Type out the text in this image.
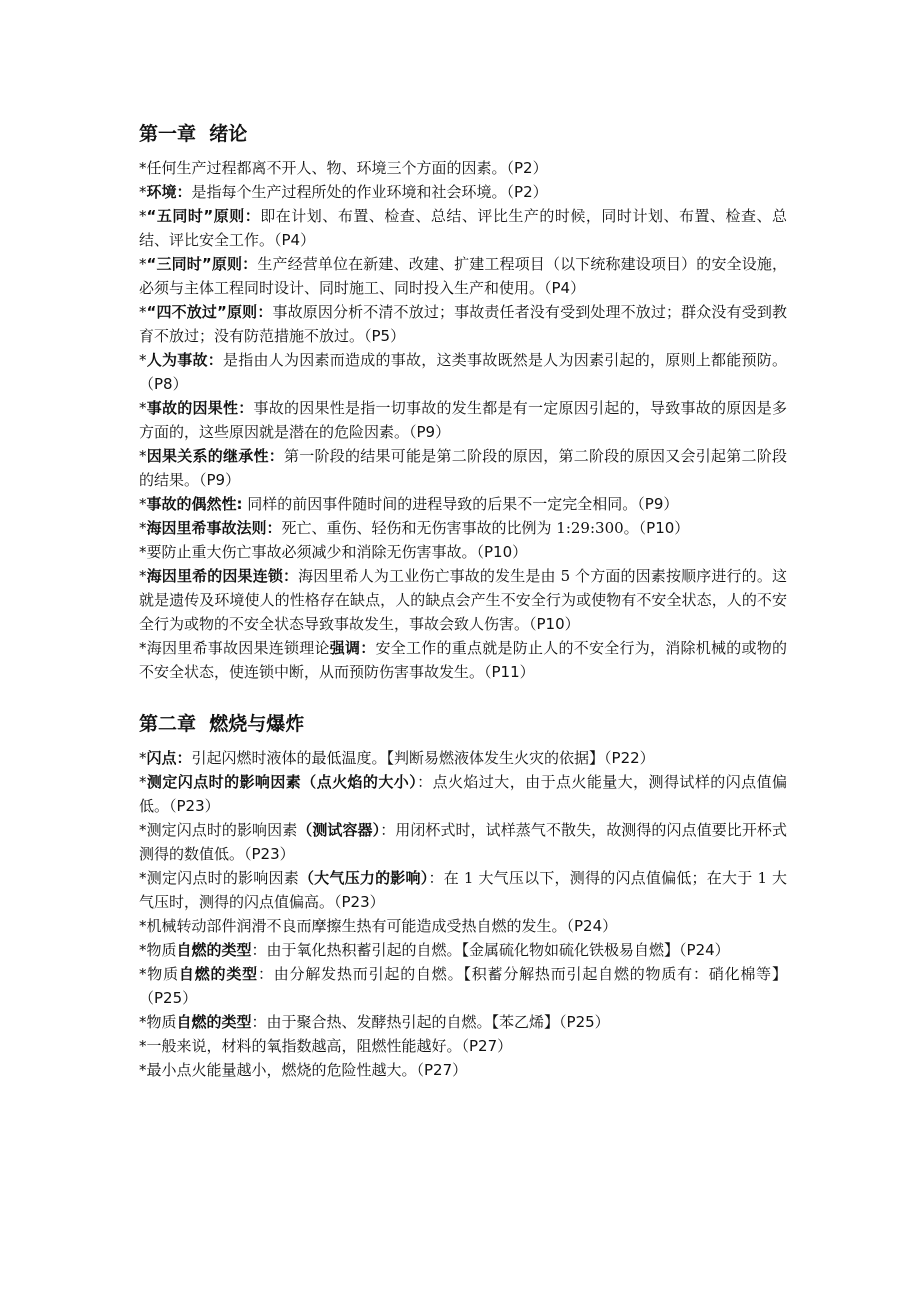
第一章  绪论

*任何生产过程都离不开人、物、环境三个方面的因素。（P2）

*环境：是指每个生产过程所处的作业环境和社会环境。（P2）

*“五同时”原则：即在计划、布置、检查、总结、评比生产的时候，同时计划、布置、检查、总结、评比安全工作。（P4）

*“三同时”原则：生产经营单位在新建、改建、扩建工程项目（以下统称建设项目）的安全设施，必须与主体工程同时设计、同时施工、同时投入生产和使用。（P4）

*“四不放过”原则：事故原因分析不清不放过；事故责任者没有受到处理不放过；群众没有受到教育不放过；没有防范措施不放过。（P5）

*人为事故：是指由人为因素而造成的事故，这类事故既然是人为因素引起的，原则上都能预防。（P8）

*事故的因果性：事故的因果性是指一切事故的发生都是有一定原因引起的，导致事故的原因是多方面的，这些原因就是潜在的危险因素。（P9）

*因果关系的继承性：第一阶段的结果可能是第二阶段的原因，第二阶段的原因又会引起第二阶段的结果。（P9）

*事故的偶然性: 同样的前因事件随时间的进程导致的后果不一定完全相同。（P9）

*海因里希事故法则：死亡、重伤、轻伤和无伤害事故的比例为 1:29:300。（P10）

*要防止重大伤亡事故必须减少和消除无伤害事故。（P10）

*海因里希的因果连锁：海因里希人为工业伤亡事故的发生是由 5 个方面的因素按顺序进行的。这就是遗传及环境使人的性格存在缺点，人的缺点会产生不安全行为或使物有不安全状态，人的不安全行为或物的不安全状态导致事故发生，事故会致人伤害。（P10）

*海因里希事故因果连锁理论强调：安全工作的重点就是防止人的不安全行为，消除机械的或物的不安全状态，使连锁中断，从而预防伤害事故发生。（P11）

第二章  燃烧与爆炸

*闪点：引起闪燃时液体的最低温度。【判断易燃液体发生火灾的依据】（P22）

*测定闪点时的影响因素（点火焰的大小）：点火焰过大，由于点火能量大，测得试样的闪点值偏低。（P23）

*测定闪点时的影响因素（测试容器）：用闭杯式时，试样蒸气不散失，故测得的闪点值要比开杯式测得的数值低。（P23）

*测定闪点时的影响因素（大气压力的影响）：在 1 大气压以下，测得的闪点值偏低；在大于 1 大气压时，测得的闪点值偏高。（P23）

*机械转动部件润滑不良而摩擦生热有可能造成受热自燃的发生。（P24）

*物质自燃的类型：由于氧化热积蓄引起的自燃。【金属硫化物如硫化铁极易自燃】（P24）

*物质自燃的类型：由分解发热而引起的自燃。【积蓄分解热而引起自燃的物质有：硝化棉等】（P25）

*物质自燃的类型：由于聚合热、发酵热引起的自燃。【苯乙烯】（P25）

*一般来说，材料的氧指数越高，阻燃性能越好。（P27）

*最小点火能量越小，燃烧的危险性越大。（P27）
